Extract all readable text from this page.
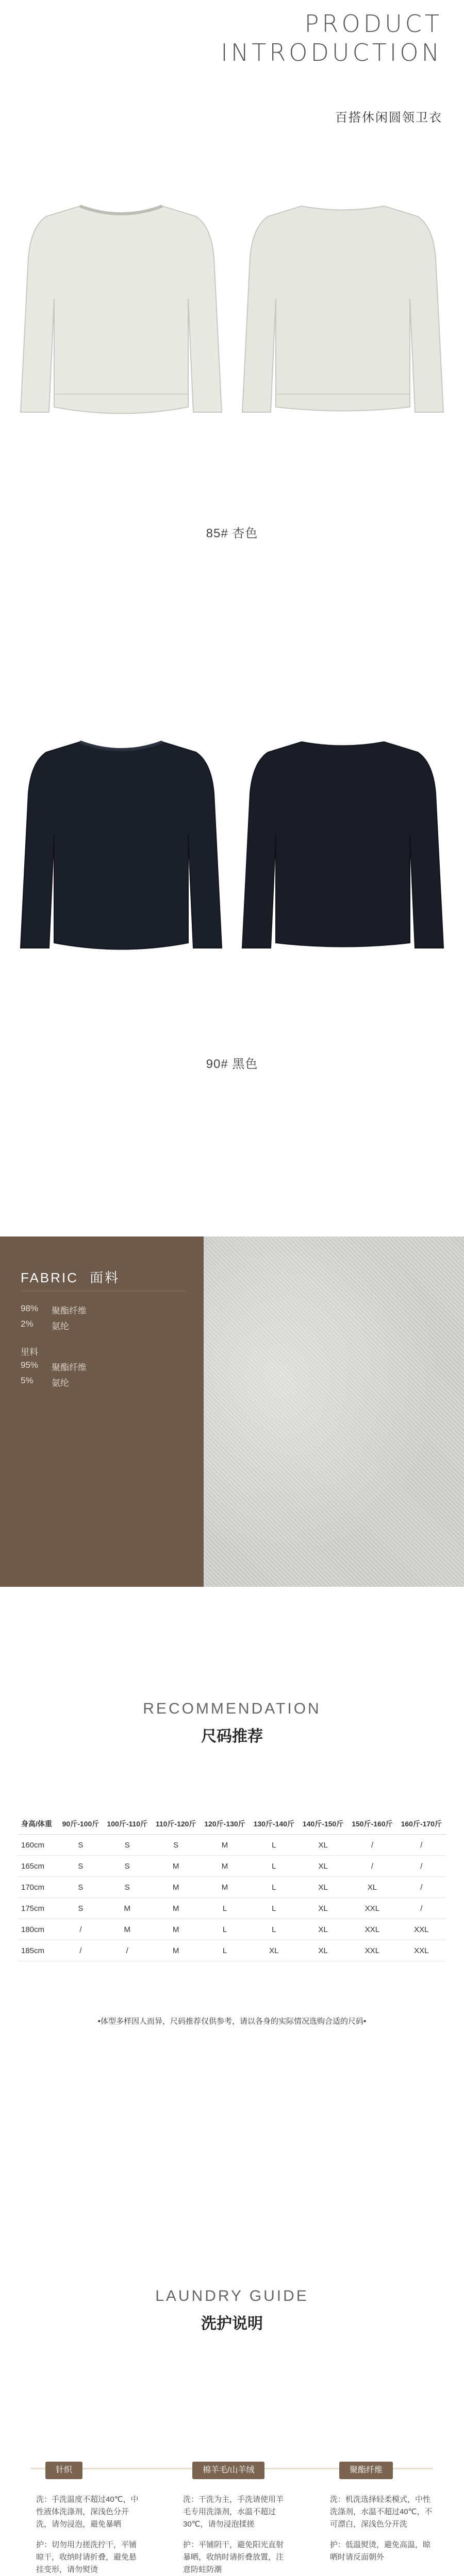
PRODUCT
INTRODUCTION
百搭休闲圆领卫衣
85# 杏色
90# 黑色
FABRIC 面料
98% 聚酯纤维
2% 氨纶
里料
95% 聚酯纤维
5% 氨纶
RECOMMENDATION
尺码推荐
身高/体重	90斤-100斤	100斤-110斤	110斤-120斤	120斤-130斤	130斤-140斤	140斤-150斤	150斤-160斤	160斤-170斤
160cm	S	S	S	M	L	XL	/	/
165cm	S	S	M	M	L	XL	/	/
170cm	S	S	M	M	L	XL	XL	/
175cm	S	M	M	L	L	XL	XXL	/
180cm	/	M	M	L	L	XL	XXL	XXL
185cm	/	/	M	L	XL	XL	XXL	XXL
•体型多样因人而异，尺码推荐仅供参考，请以各身的实际情况选购合适的尺码•
LAUNDRY GUIDE
洗护说明
针织

洗：手洗温度不超过40℃，中性液体洗涤剂，深浅色分开洗，请勿浸泡，避免暴晒

护：切勿用力搓洗拧干，平铺晾干，收纳时请折叠，避免悬挂变形，请勿熨烫

棉羊毛/山羊绒

洗：干洗为主，手洗请使用羊毛专用洗涤剂，水温不超过30℃，请勿浸泡揉搓

护：平铺阴干，避免阳光直射暴晒，收纳时请折叠放置，注意防蛀防潮

聚酯纤维

洗：机洗选择轻柔模式，中性洗涤剂，水温不超过40℃，不可漂白，深浅色分开洗

护：低温熨烫，避免高温，晾晒时请反面朝外
